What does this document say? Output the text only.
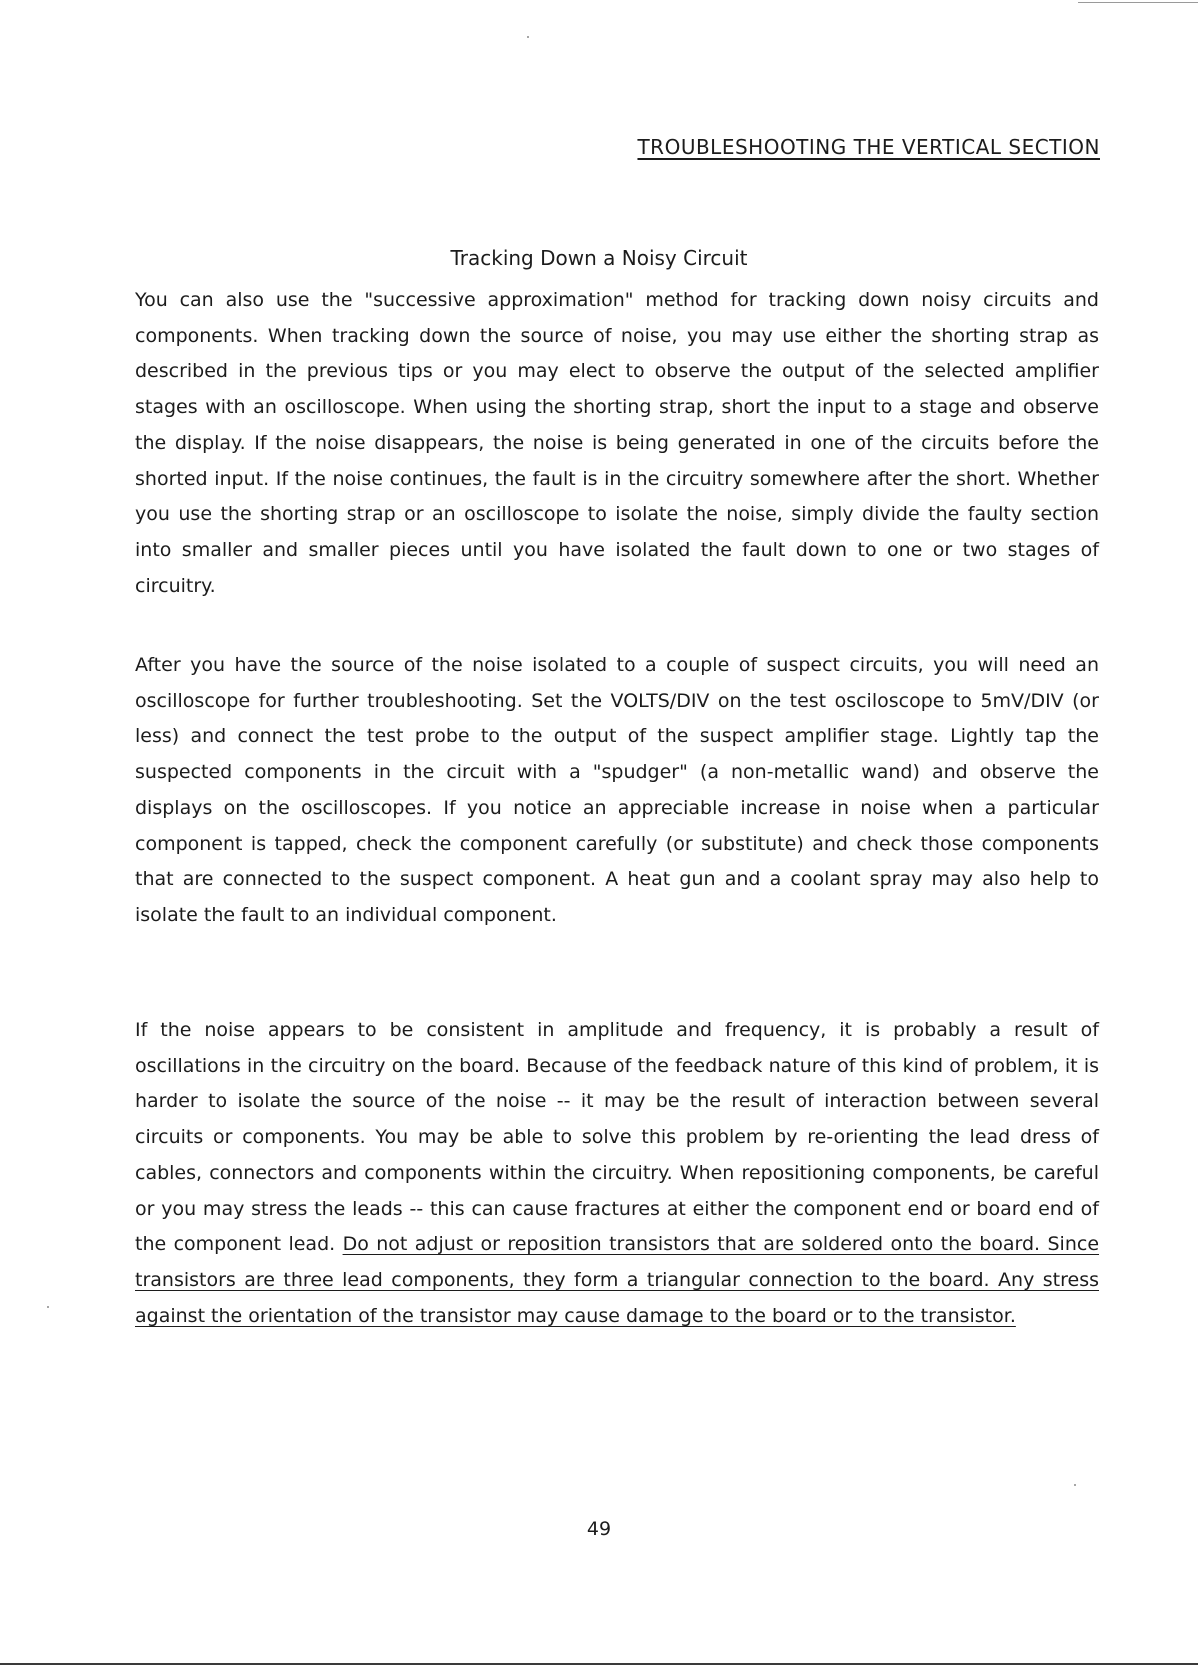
TROUBLESHOOTING THE VERTICAL SECTION
Tracking Down a Noisy Circuit

You can also use the "successive approximation" method for tracking down noisy circuits and components. When tracking down the source of noise, you may use either the shorting strap as described in the previous tips or you may elect to observe the output of the selected amplifier stages with an oscilloscope. When using the shorting strap, short the input to a stage and observe the display. If the noise disappears, the noise is being generated in one of the circuits before the shorted input. If the noise continues, the fault is in the circuitry somewhere after the short. Whether you use the shorting strap or an oscilloscope to isolate the noise, simply divide the faulty section into smaller and smaller pieces until you have isolated the fault down to one or two stages of circuitry.

After you have the source of the noise isolated to a couple of suspect circuits, you will need an oscilloscope for further troubleshooting. Set the VOLTS/DIV on the test osciloscope to 5mV/DIV (or less) and connect the test probe to the output of the suspect amplifier stage. Lightly tap the suspected components in the circuit with a "spudger" (a non-metallic wand) and observe the displays on the oscilloscopes. If you notice an appreciable increase in noise when a particular component is tapped, check the component carefully (or substitute) and check those components that are connected to the suspect component. A heat gun and a coolant spray may also help to isolate the fault to an individual component.

If the noise appears to be consistent in amplitude and frequency, it is probably a result of oscillations in the circuitry on the board. Because of the feedback nature of this kind of problem, it is harder to isolate the source of the noise -- it may be the result of interaction between several circuits or components. You may be able to solve this problem by re-orienting the lead dress of cables, connectors and components within the circuitry. When repositioning components, be careful or you may stress the leads -- this can cause fractures at either the component end or board end of the component lead. Do not adjust or reposition transistors that are soldered onto the board. Since transistors are three lead components, they form a triangular connection to the board. Any stress against the orientation of the transistor may cause damage to the board or to the transistor.

49
